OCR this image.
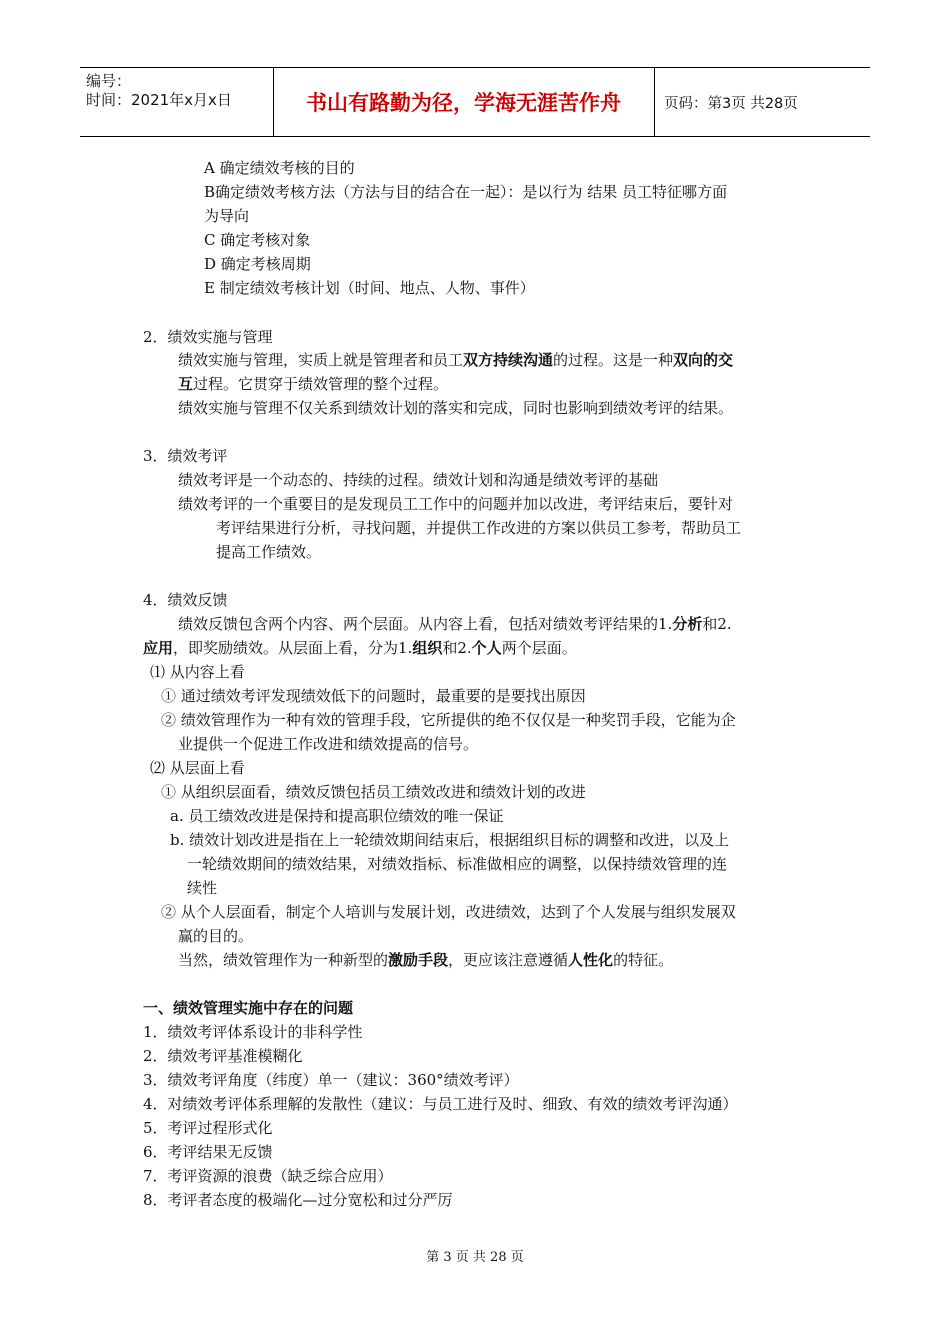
编号：
时间：2021年x月x日	书山有路勤为径，学海无涯苦作舟	页码：第3页 共28页
A 确定绩效考核的目的
B确定绩效考核方法（方法与目的结合在一起）：是以行为 结果 员工特征哪方面
为导向
C 确定考核对象
D 确定考核周期
E 制定绩效考核计划（时间、地点、人物、事件）
2．绩效实施与管理
绩效实施与管理，实质上就是管理者和员工双方持续沟通的过程。这是一种双向的交
互过程。它贯穿于绩效管理的整个过程。
绩效实施与管理不仅关系到绩效计划的落实和完成，同时也影响到绩效考评的结果。
3．绩效考评
绩效考评是一个动态的、持续的过程。绩效计划和沟通是绩效考评的基础
绩效考评的一个重要目的是发现员工工作中的问题并加以改进，考评结束后，要针对
考评结果进行分析，寻找问题，并提供工作改进的方案以供员工参考，帮助员工
提高工作绩效。
4．绩效反馈
绩效反馈包含两个内容、两个层面。从内容上看，包括对绩效考评结果的1.分析和2.
应用，即奖励绩效。从层面上看，分为1.组织和2.个人两个层面。
⑴ 从内容上看
① 通过绩效考评发现绩效低下的问题时，最重要的是要找出原因
② 绩效管理作为一种有效的管理手段，它所提供的绝不仅仅是一种奖罚手段，它能为企
业提供一个促进工作改进和绩效提高的信号。
⑵ 从层面上看
① 从组织层面看，绩效反馈包括员工绩效改进和绩效计划的改进
a. 员工绩效改进是保持和提高职位绩效的唯一保证
b. 绩效计划改进是指在上一轮绩效期间结束后，根据组织目标的调整和改进，以及上
一轮绩效期间的绩效结果，对绩效指标、标准做相应的调整，以保持绩效管理的连
续性
② 从个人层面看，制定个人培训与发展计划，改进绩效，达到了个人发展与组织发展双
赢的目的。
当然，绩效管理作为一种新型的激励手段，更应该注意遵循人性化的特征。
一、绩效管理实施中存在的问题
1．绩效考评体系设计的非科学性
2．绩效考评基准模糊化
3．绩效考评角度（纬度）单一（建议：360°绩效考评）
4．对绩效考评体系理解的发散性（建议：与员工进行及时、细致、有效的绩效考评沟通）
5．考评过程形式化
6．考评结果无反馈
7．考评资源的浪费（缺乏综合应用）
8．考评者态度的极端化—过分宽松和过分严厉
第 3 页 共 28 页
